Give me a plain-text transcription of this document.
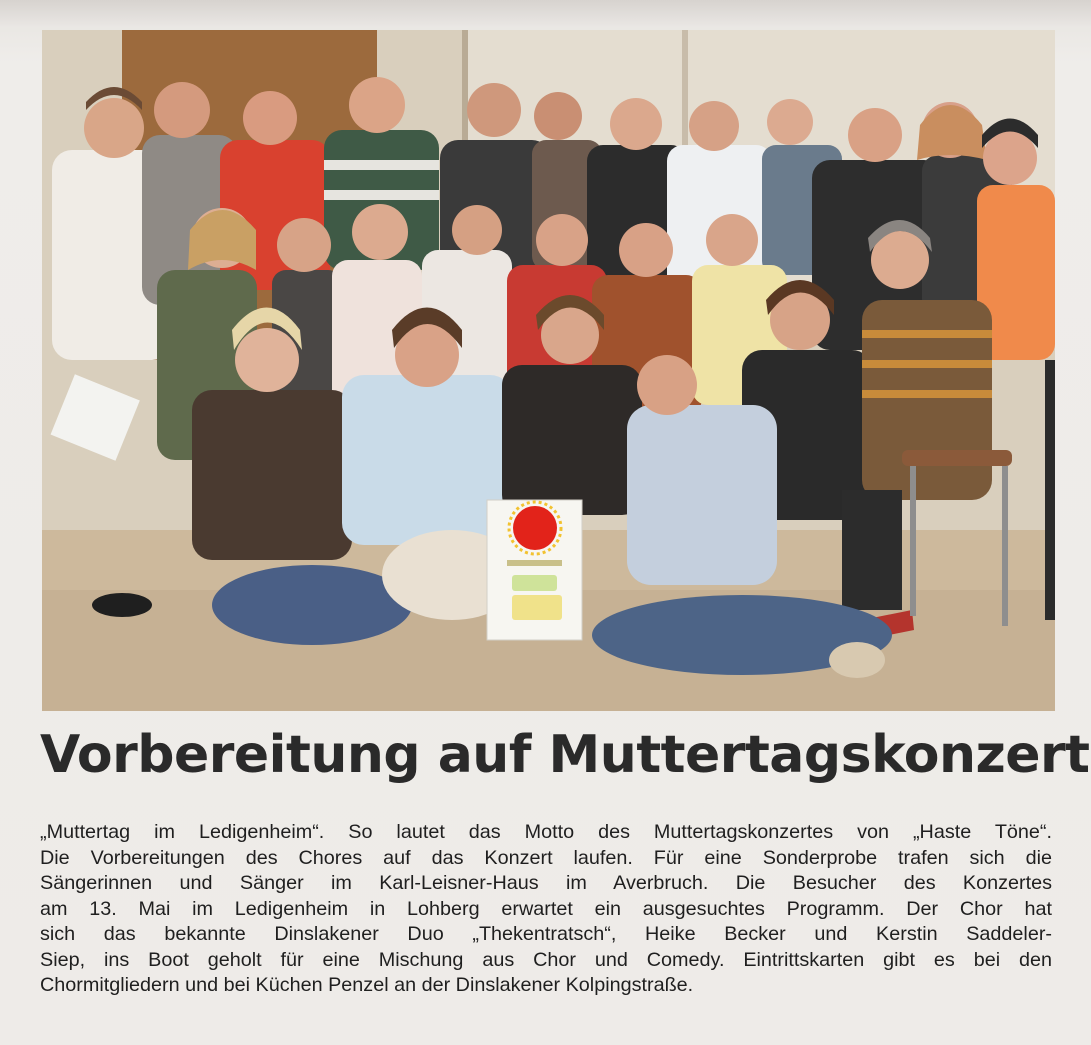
Vorbereitung auf Muttertagskonzert
„Muttertag im Ledigenheim“. So lautet das Motto des Muttertagskonzertes von „Haste Töne“.
Die Vorbereitungen des Chores auf das Konzert laufen. Für eine Sonderprobe trafen sich die
Sängerinnen und Sänger im Karl-Leisner-Haus im Averbruch. Die Besucher des Konzertes
am 13. Mai im Ledigenheim in Lohberg erwartet ein ausgesuchtes Programm. Der Chor hat
sich das bekannte Dinslakener Duo „Thekentratsch“, Heike Becker und Kerstin Saddeler-
Siep, ins Boot geholt für eine Mischung aus Chor und Comedy. Eintrittskarten gibt es bei den
Chormitgliedern und bei Küchen Penzel an der Dinslakener Kolpingstraße.
